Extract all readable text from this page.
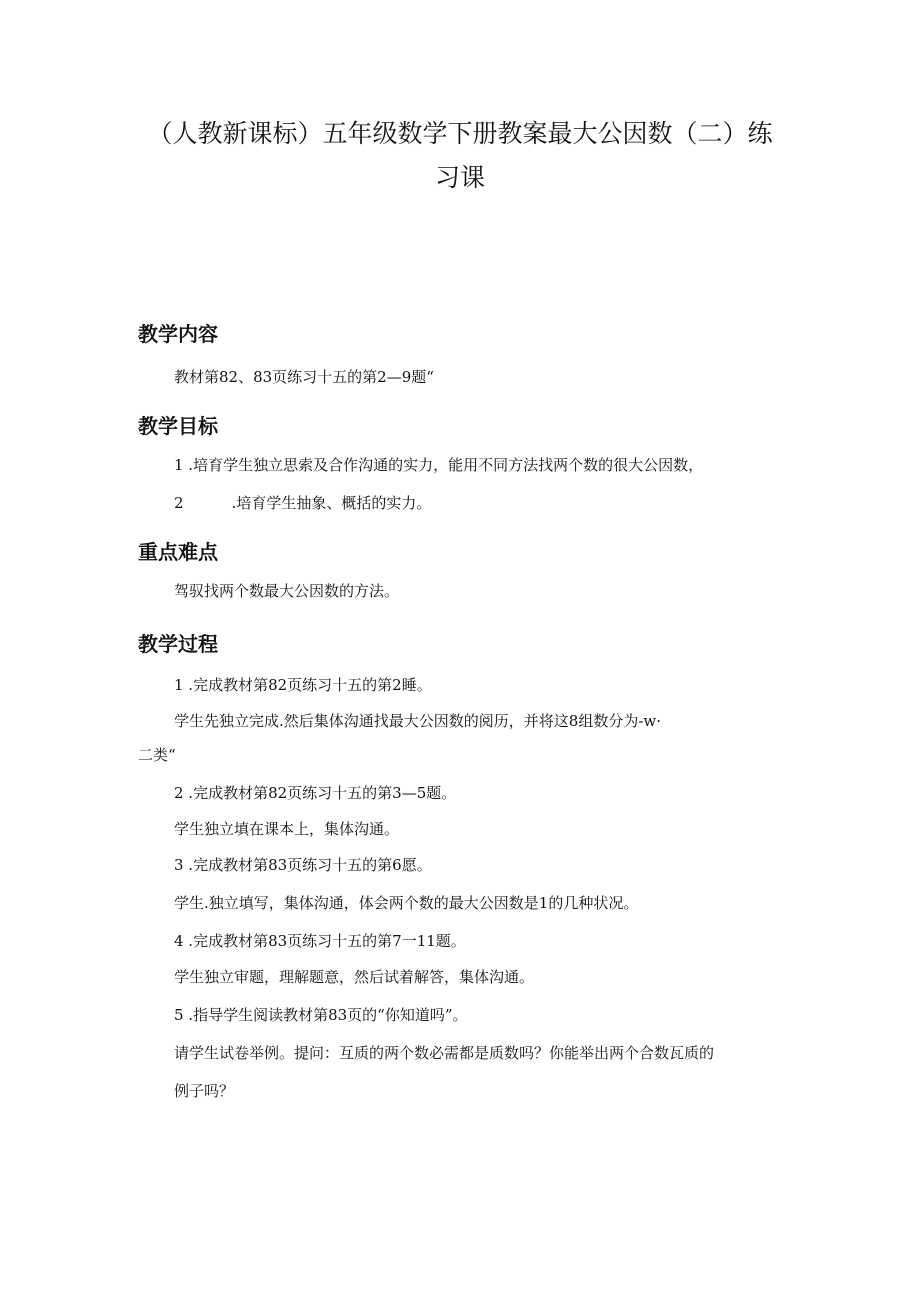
（人教新课标）五年级数学下册教案最大公因数（二）练
习课
教学内容
教材第82、83页练习十五的第2—9题“
教学目标
1 .培育学生独立思索及合作沟通的实力，能用不同方法找两个数的很大公因数，
2	.培育学生抽象、概括的实力。
重点难点
驾驭找两个数最大公因数的方法。
教学过程
1 .完成教材第82页练习十五的第2睡。
学生先独立完成.然后集体沟通找最大公因数的阅历，并将这8组数分为-w·
二类“
2 .完成教材第82页练习十五的第3—5题。
学生独立填在课本上，集体沟通。
3 .完成教材第83页练习十五的第6愿。
学生.独立填写，集体沟通，体会两个数的最大公因数是1的几种状况。
4 .完成教材第83页练习十五的第7一11题。
学生独立审题，理解题意，然后试着解答，集体沟通。
5 .指导学生阅读教材第83页的“你知道吗”。
请学生试卷举例。提问：互质的两个数必需都是质数吗？你能举出两个合数瓦质的
例子吗？
